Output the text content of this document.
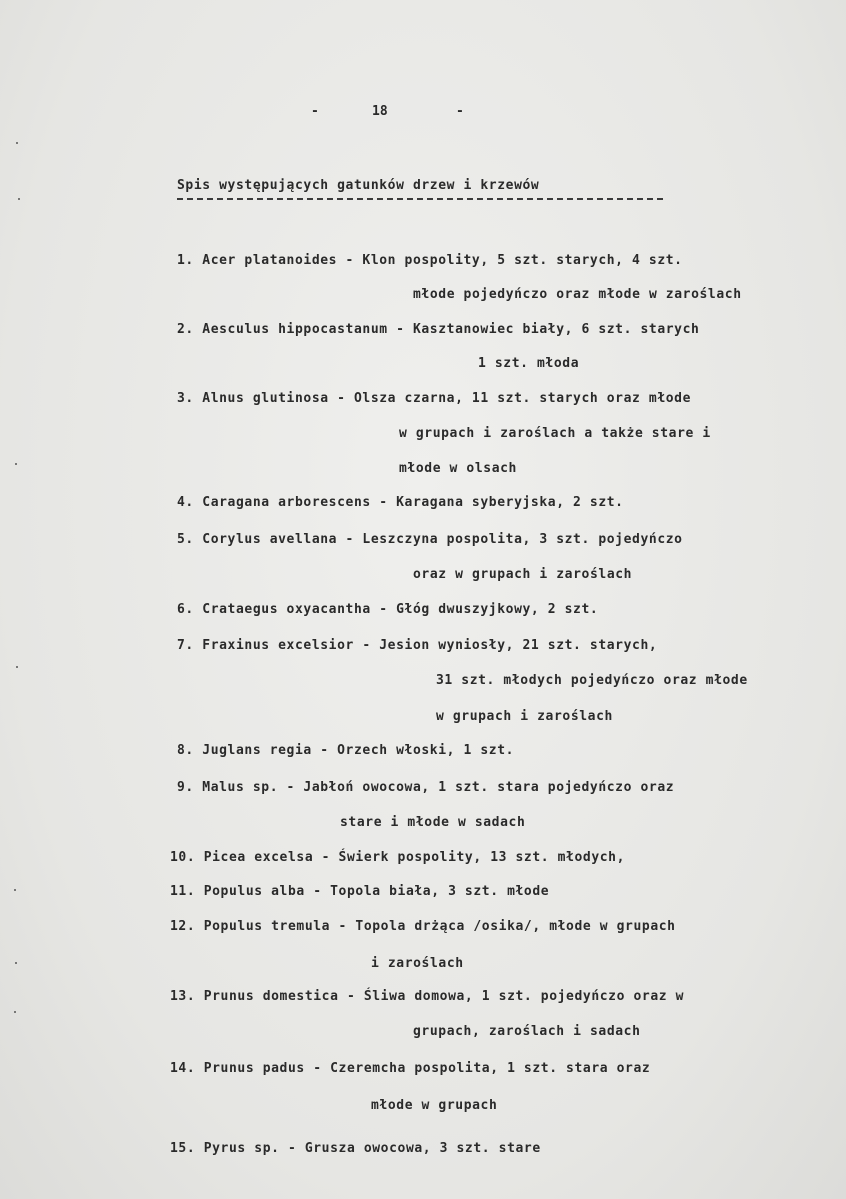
-	18	-
Spis występujących gatunków drzew i krzewów
1. Acer platanoides - Klon pospolity, 5 szt. starych, 4 szt.
młode pojedyńczo oraz młode w zaroślach
2. Aesculus hippocastanum - Kasztanowiec biały, 6 szt. starych
1 szt. młoda
3. Alnus glutinosa - Olsza czarna, 11 szt. starych oraz młode
w grupach i zaroślach a także stare i
młode w olsach
4. Caragana arborescens - Karagana syberyjska, 2 szt.
5. Corylus avellana - Leszczyna pospolita, 3 szt. pojedyńczo
oraz w grupach i zaroślach
6. Crataegus oxyacantha - Głóg dwuszyjkowy, 2 szt.
7. Fraxinus excelsior - Jesion wyniosły, 21 szt. starych,
31 szt. młodych pojedyńczo oraz młode
w grupach i zaroślach
8. Juglans regia - Orzech włoski, 1 szt.
9. Malus sp. - Jabłoń owocowa, 1 szt. stara pojedyńczo oraz
stare i młode w sadach
10. Picea excelsa - Świerk pospolity, 13 szt. młodych,
11. Populus alba - Topola biała, 3 szt. młode
12. Populus tremula - Topola drżąca /osika/, młode w grupach
i zaroślach
13. Prunus domestica - Śliwa domowa, 1 szt. pojedyńczo oraz w
grupach, zaroślach i sadach
14. Prunus padus - Czeremcha pospolita, 1 szt. stara oraz
młode w grupach
15. Pyrus sp. - Grusza owocowa, 3 szt. stare
